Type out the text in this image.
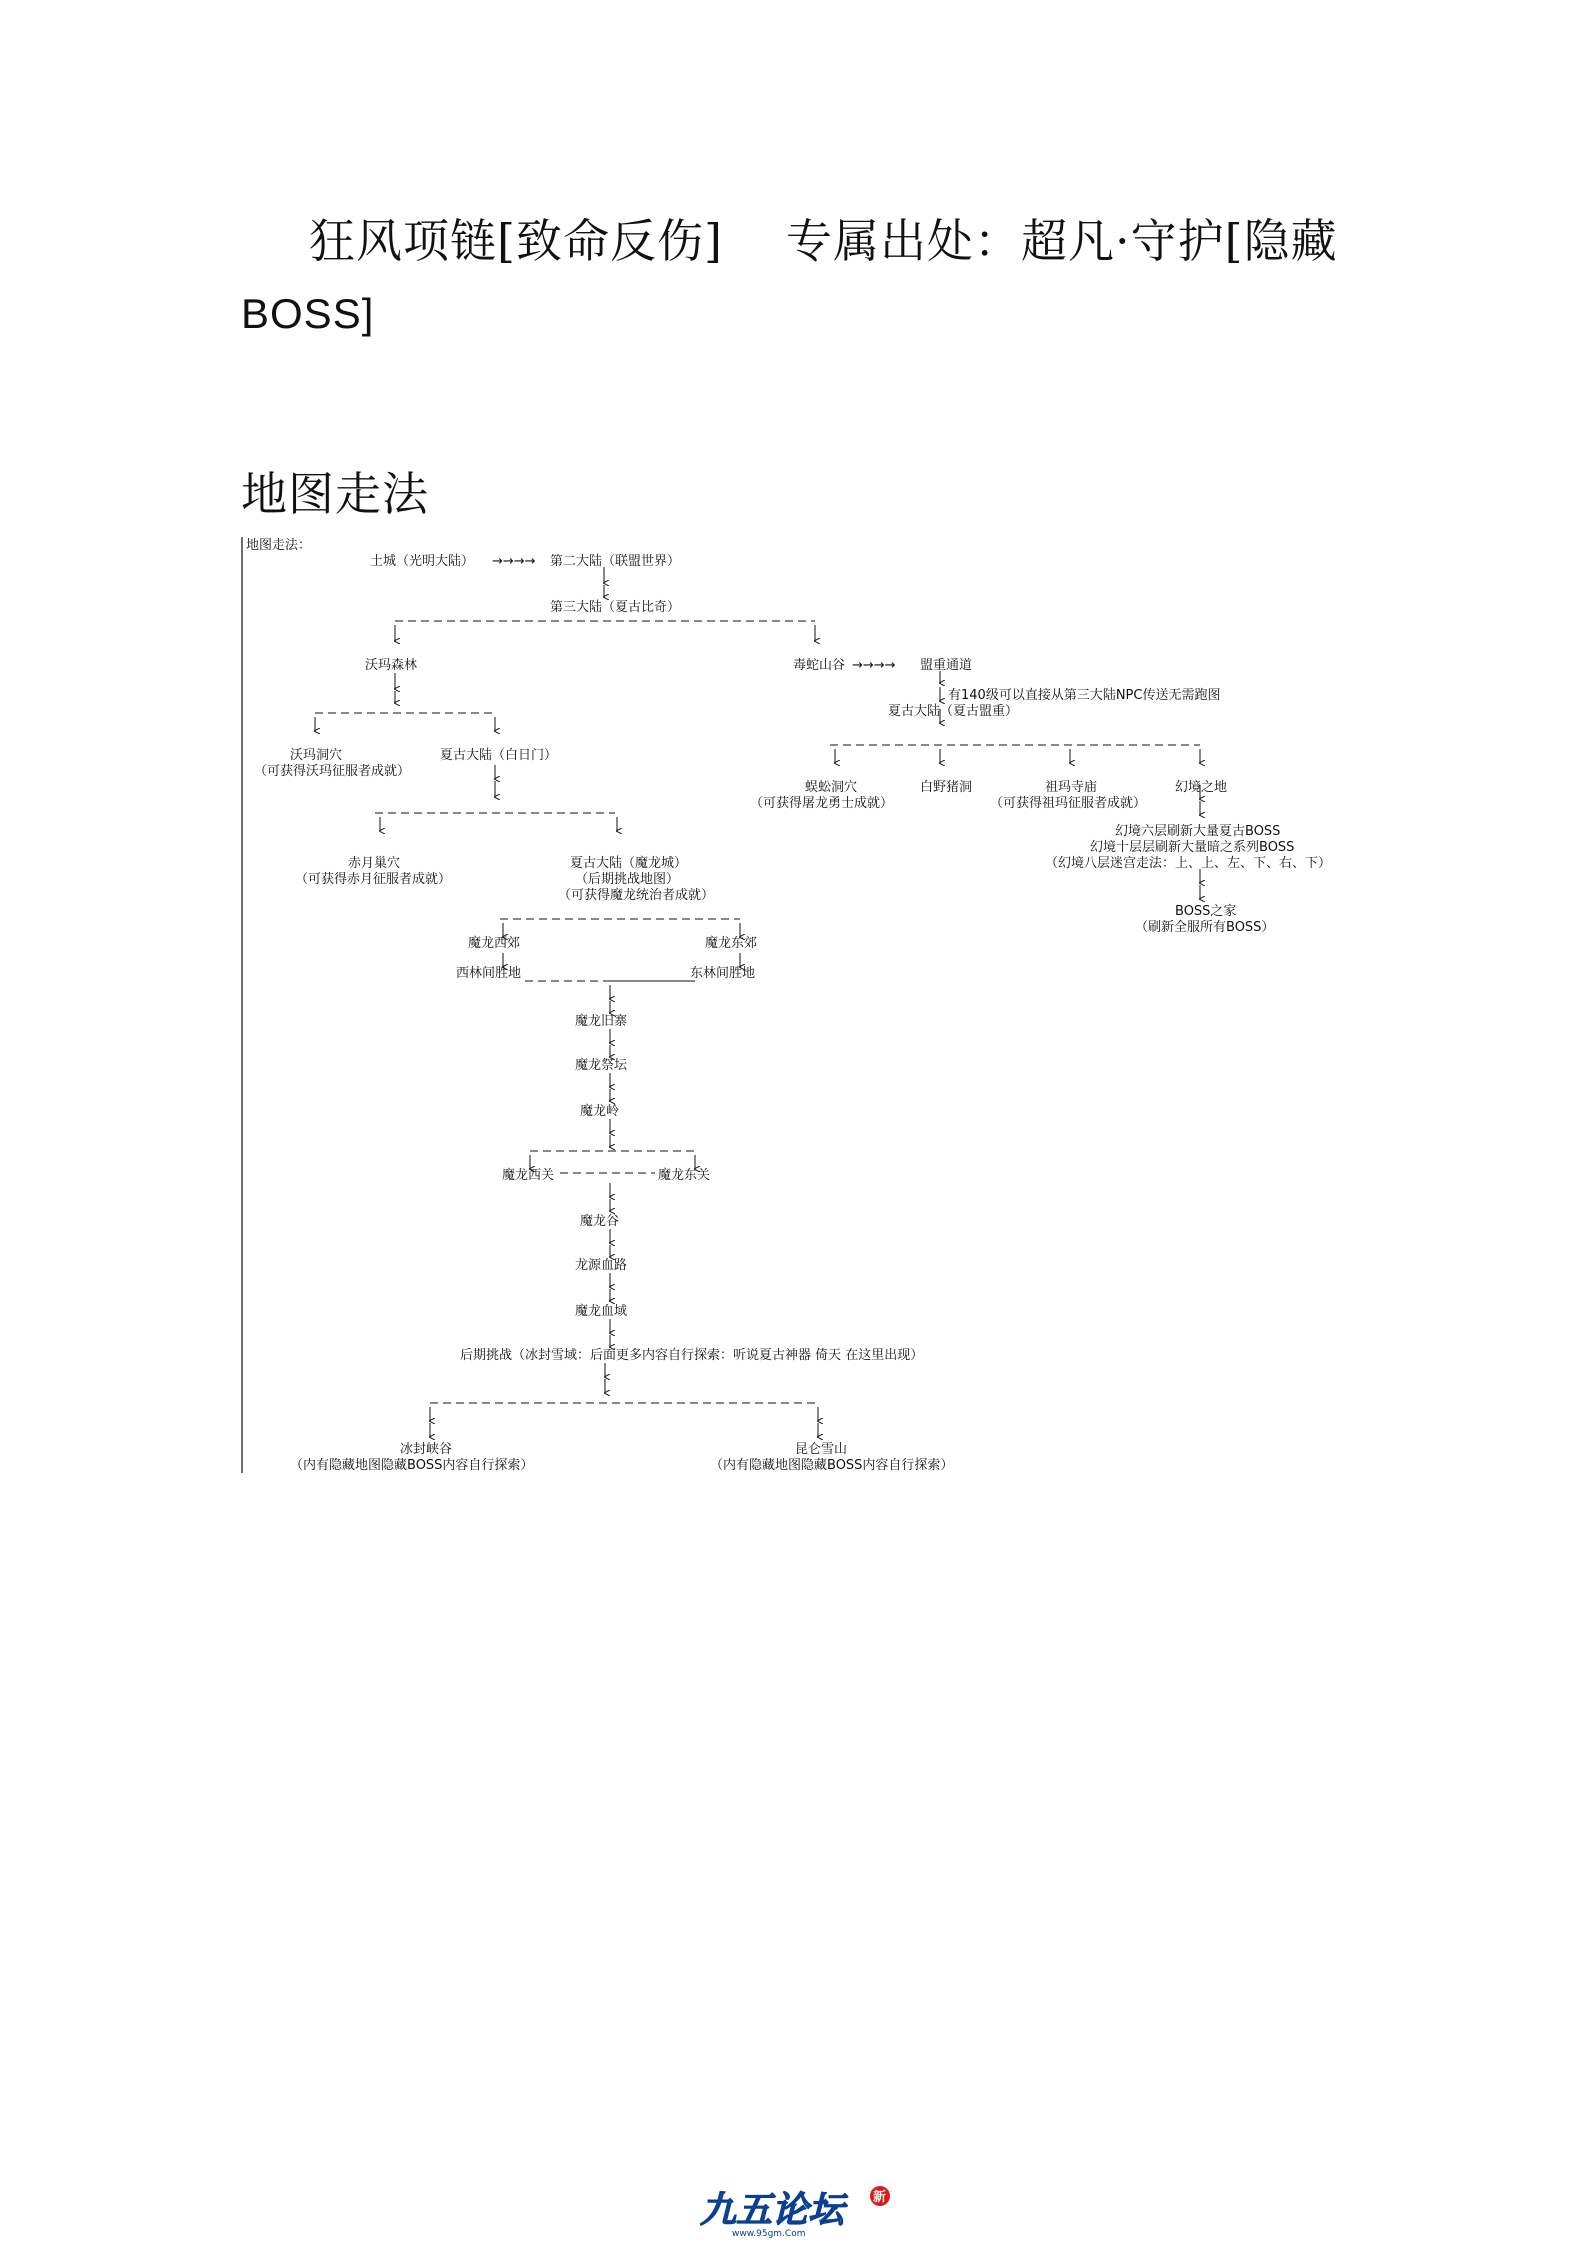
狂风项链[致命反伤] 专属出处：超凡·守护[隐藏
BOSS]
地图走法
地图走法：
土城（光明大陆） →→→→ 第二大陆（联盟世界）
第三大陆（夏古比奇）
沃玛森林	毒蛇山谷 →→→→ 盟重通道
有140级可以直接从第三大陆NPC传送无需跑图
夏古大陆（夏古盟重）
沃玛洞穴
（可获得沃玛征服者成就）
夏古大陆（白日门）
蜈蚣洞穴
（可获得屠龙勇士成就）
白野猪洞	祖玛寺庙
（可获得祖玛征服者成就）
幻境之地
幻境六层刷新大量夏古BOSS
幻境十层层刷新大量暗之系列BOSS
（幻境八层迷宫走法：上、上、左、下、右、下）
BOSS之家
（刷新全服所有BOSS）
赤月巢穴
（可获得赤月征服者成就）
夏古大陆（魔龙城）
（后期挑战地图）
（可获得魔龙统治者成就）
魔龙西郊	魔龙东郊
西林间胜地	东林间胜地
魔龙旧寨
魔龙祭坛
魔龙岭
魔龙西关	魔龙东关
魔龙谷
龙源血路
魔龙血域
后期挑战（冰封雪域：后面更多内容自行探索：听说夏古神器 倚天 在这里出现）
冰封峡谷
（内有隐藏地图隐藏BOSS内容自行探索）
昆仑雪山
（内有隐藏地图隐藏BOSS内容自行探索）
九五论坛
www.95gm.Com
新
